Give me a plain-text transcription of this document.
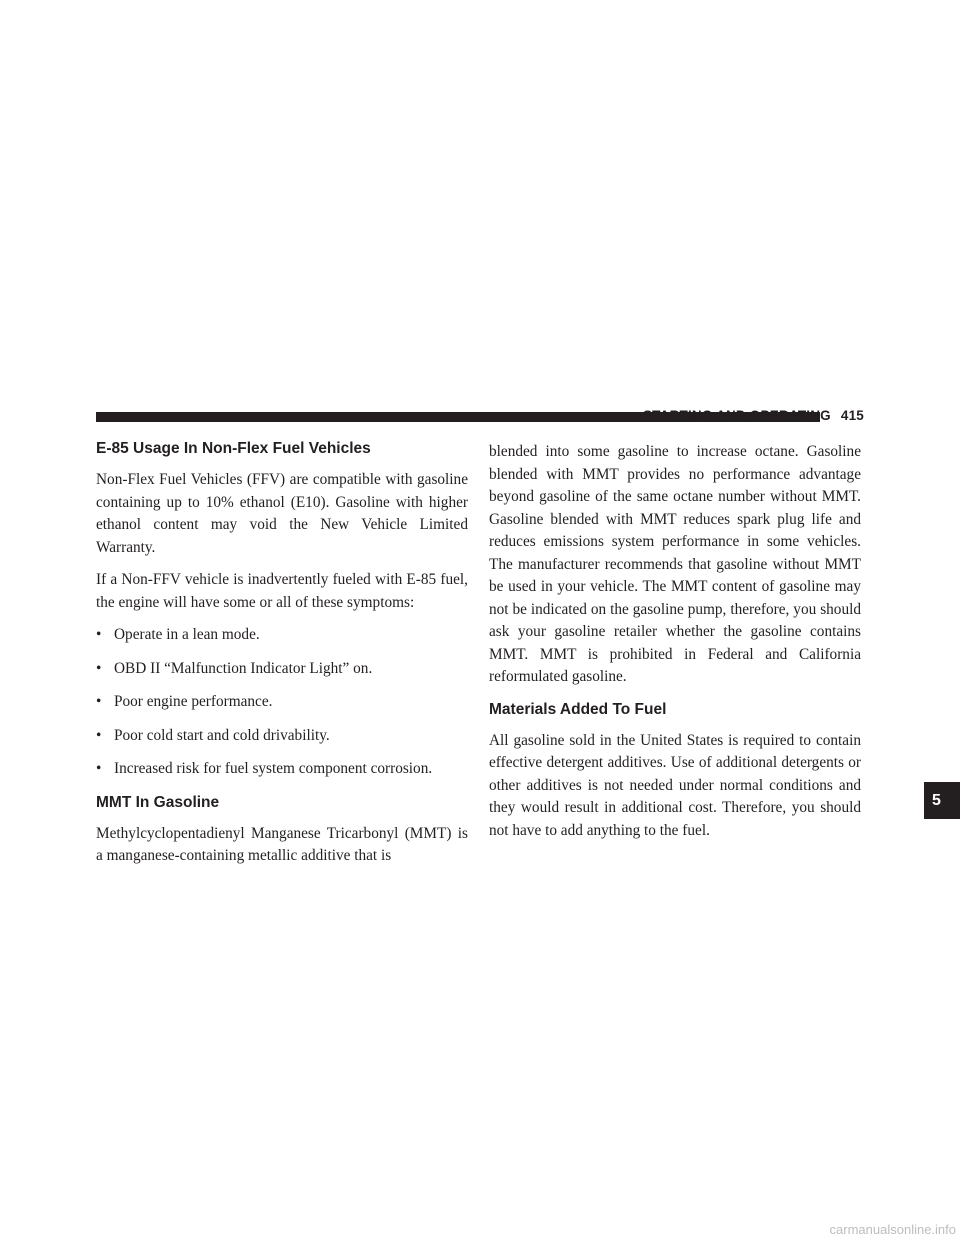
STARTING AND OPERATING 415
E-85 Usage In Non-Flex Fuel Vehicles

Non-Flex Fuel Vehicles (FFV) are compatible with gasoline containing up to 10% ethanol (E10). Gasoline with higher ethanol content may void the New Vehicle Limited Warranty.

If a Non-FFV vehicle is inadvertently fueled with E-85 fuel, the engine will have some or all of these symptoms:

• Operate in a lean mode.
• OBD II “Malfunction Indicator Light” on.
• Poor engine performance.
• Poor cold start and cold drivability.
• Increased risk for fuel system component corrosion.
MMT In Gasoline

Methylcyclopentadienyl Manganese Tricarbonyl (MMT) is a manganese-containing metallic additive that is

blended into some gasoline to increase octane. Gasoline blended with MMT provides no performance advantage beyond gasoline of the same octane number without MMT. Gasoline blended with MMT reduces spark plug life and reduces emissions system performance in some vehicles. The manufacturer recommends that gasoline without MMT be used in your vehicle. The MMT content of gasoline may not be indicated on the gasoline pump, therefore, you should ask your gasoline retailer whether the gasoline contains MMT. MMT is prohibited in Federal and California reformulated gasoline.

Materials Added To Fuel

All gasoline sold in the United States is required to contain effective detergent additives. Use of additional detergents or other additives is not needed under normal conditions and they would result in additional cost. Therefore, you should not have to add anything to the fuel.

5
carmanualsonline.info
